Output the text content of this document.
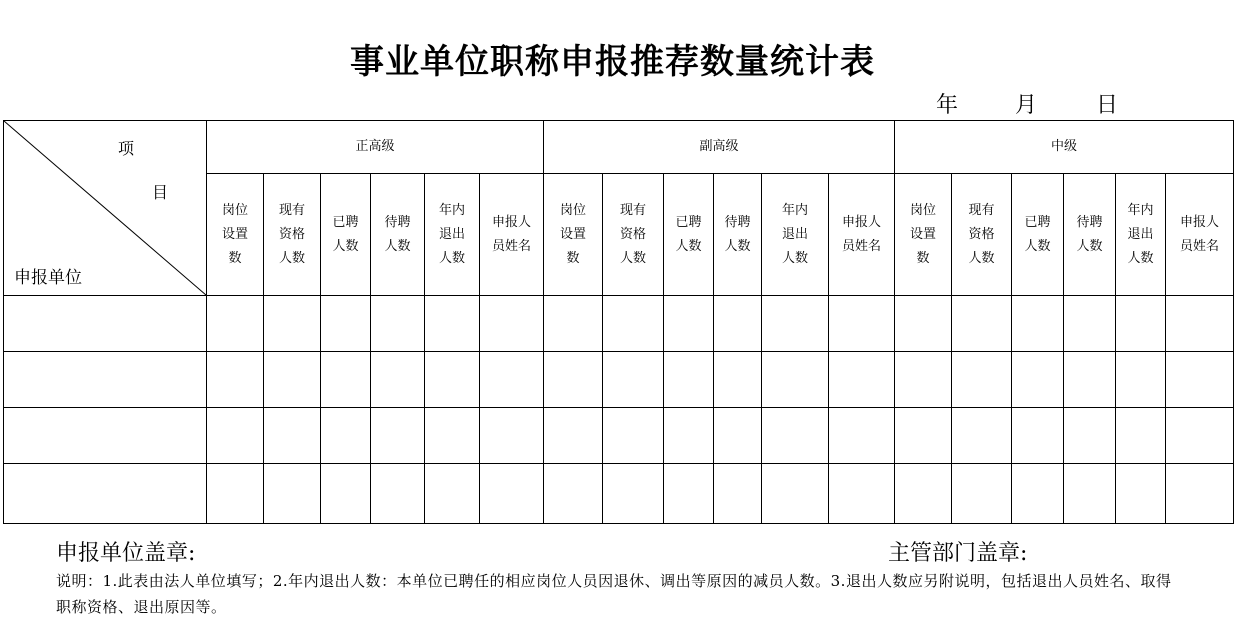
事业单位职称申报推荐数量统计表
年	月	日
项
目
申报单位	正高级						副高级						中级					
	岗位设置数	现有资格人数	已聘人数	待聘人数	年内退出人数	申报人员姓名	岗位设置数	现有资格人数	已聘人数	待聘人数	年内退出人数	申报人员姓名	岗位设置数	现有资格人数	已聘人数	待聘人数	年内退出人数	申报人员姓名

申报单位盖章:	主管部门盖章:
说明：1.此表由法人单位填写；2.年内退出人数：本单位已聘任的相应岗位人员因退休、调出等原因的减员人数。3.退出人数应另附说明，包括退出人员姓名、取得职称资格、退出原因等。
